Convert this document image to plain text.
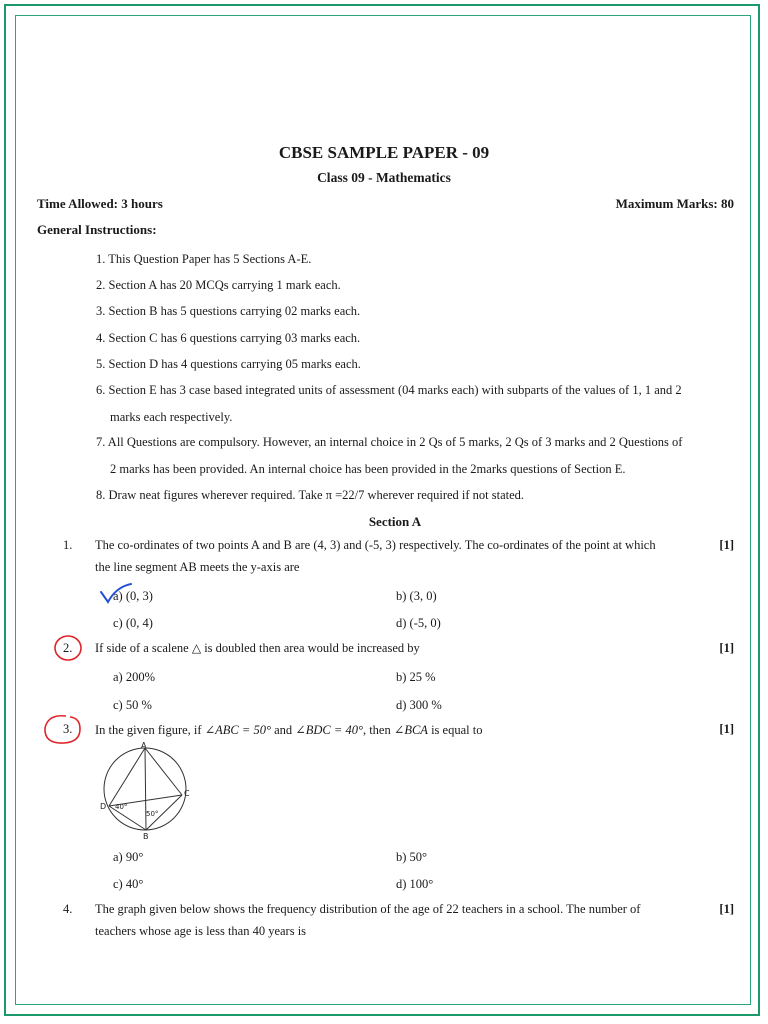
CBSE SAMPLE PAPER - 09
Class 09 - Mathematics
Time Allowed: 3 hours	Maximum Marks: 80
General Instructions:
1. This Question Paper has 5 Sections A-E.
2. Section A has 20 MCQs carrying 1 mark each.
3. Section B has 5 questions carrying 02 marks each.
4. Section C has 6 questions carrying 03 marks each.
5. Section D has 4 questions carrying 05 marks each.
6. Section E has 3 case based integrated units of assessment (04 marks each) with subparts of the values of 1, 1 and 2
marks each respectively.
7. All Questions are compulsory. However, an internal choice in 2 Qs of 5 marks, 2 Qs of 3 marks and 2 Questions of
2 marks has been provided. An internal choice has been provided in the 2marks questions of Section E.
8. Draw neat figures wherever required. Take π =22/7 wherever required if not stated.
Section A
1. The co-ordinates of two points A and B are (4, 3) and (-5, 3) respectively. The co-ordinates of the point at which
the line segment AB meets the y-axis are
[1]
a) (0, 3)	b) (3, 0)
c) (0, 4)	d) (-5, 0)
2. If side of a scalene △ is doubled then area would be increased by	[1]
a) 200%	b) 25 %
c) 50 %	d) 300 %
3. In the given figure, if ∠ABC = 50° and ∠BDC = 40°, then ∠BCA is equal to	[1]
A
B
C
D 40°
50°
a) 90°	b) 50°
c) 40°	d) 100°
4. The graph given below shows the frequency distribution of the age of 22 teachers in a school. The number of
teachers whose age is less than 40 years is
[1]
